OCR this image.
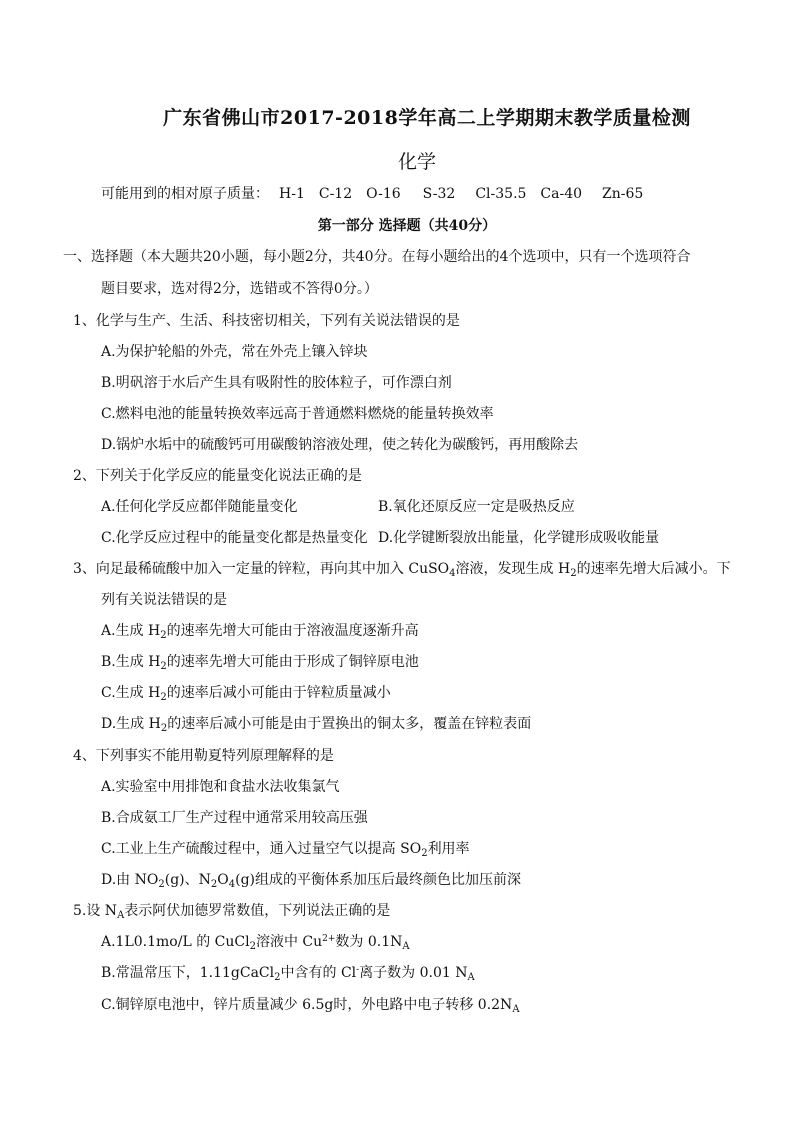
广东省佛山市2017-2018学年高二上学期期末教学质量检测
化学
可能用到的相对原子质量： H-1 C-12 O-16 S-32 Cl-35.5 Ca-40 Zn-65
第一部分 选择题（共40分）
一、选择题（本大题共20小题，每小题2分，共40分。在每小题给出的4个选项中，只有一个选项符合
题目要求，选对得2分，选错或不答得0分。）
1、化学与生产、生活、科技密切相关，下列有关说法错误的是
A.为保护轮船的外壳，常在外壳上镶入锌块
B.明矾溶于水后产生具有吸附性的胶体粒子，可作漂白剂
C.燃料电池的能量转换效率远高于普通燃料燃烧的能量转换效率
D.锅炉水垢中的硫酸钙可用碳酸钠溶液处理，使之转化为碳酸钙，再用酸除去
2、下列关于化学反应的能量变化说法正确的是
A.任何化学反应都伴随能量变化	B.氧化还原反应一定是吸热反应
C.化学反应过程中的能量变化都是热量变化 D.化学键断裂放出能量，化学键形成吸收能量
3、向足最稀硫酸中加入一定量的锌粒，再向其中加入 CuSO$_4$溶液，发现生成 $H_2$的速率先增大后减小。下
列有关说法错误的是
A.生成 $H_2$的速率先增大可能由于溶液温度逐渐升高
B.生成 $H_2$的速率先增大可能由于形成了铜锌原电池
C.生成 $H_2$的速率后减小可能由于锌粒质量减小
D.生成 $H_2$的速率后减小可能是由于置换出的铜太多，覆盖在锌粒表面
4、下列事实不能用勒夏特列原理解释的是
A.实验室中用排饱和食盐水法收集氯气
B.合成氨工厂生产过程中通常采用较高压强
C.工业上生产硫酸过程中，通入过量空气以提高 $SO_2$利用率
D.由 $NO_2(g)$、$N_2O_4(g)$组成的平衡体系加压后最终颜色比加压前深
5.设 $N_A$表示阿伏加德罗常数值，下列说法正确的是
A.1L0.1mo/L 的 CuCl$_2$溶液中 $Cu^{2+}$数为 $0.1N_A$
B.常温常压下，1.11gCaCl$_2$中含有的 Cl-离子数为 0.01 $N_A$
C.铜锌原电池中，锌片质量减少 6.5g时，外电路中电子转移 $0.2N_A$
